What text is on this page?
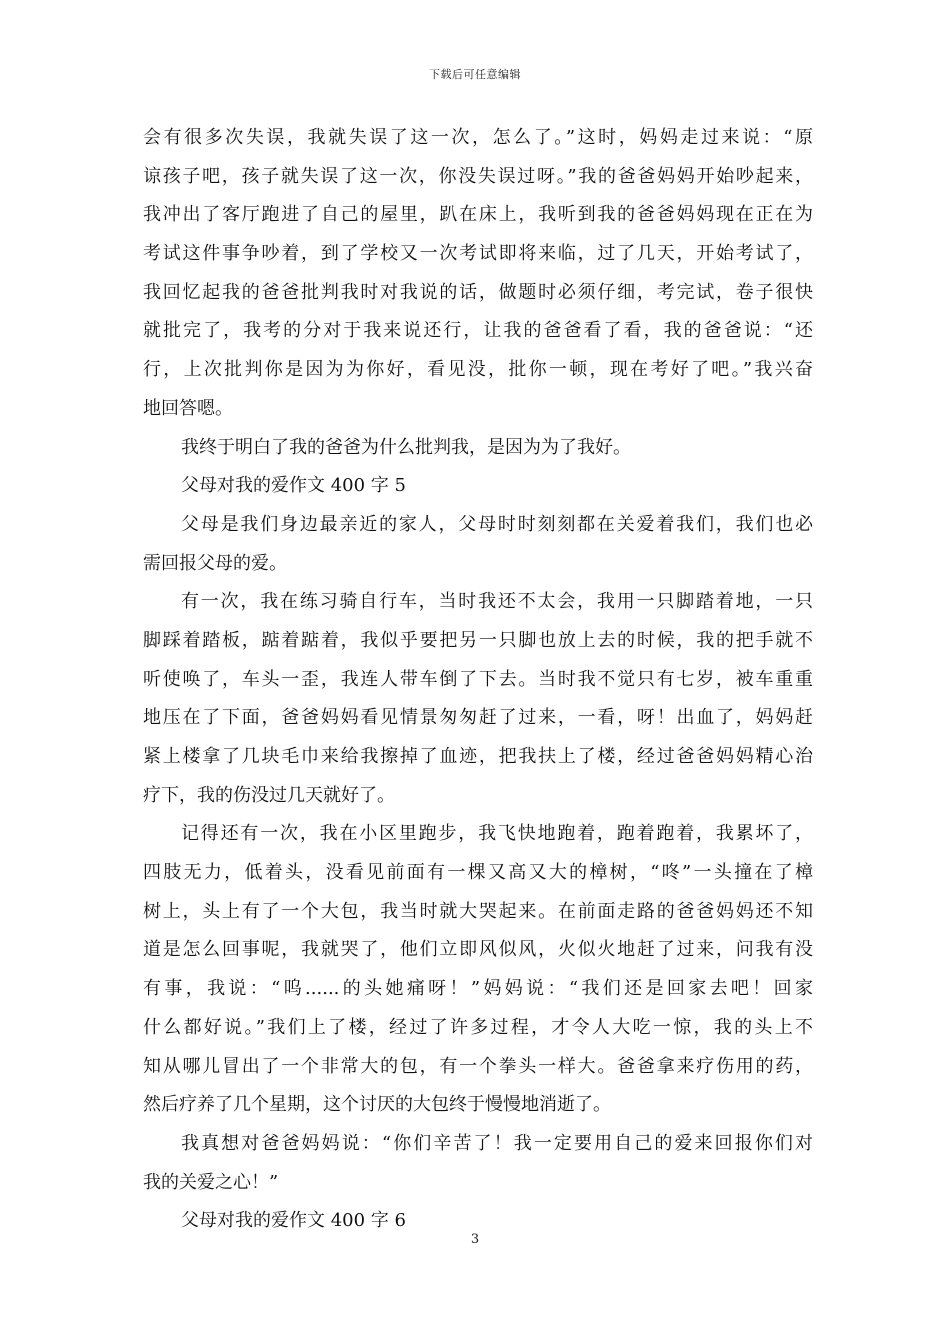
下载后可任意编辑
会有很多次失误，我就失误了这一次，怎么了。”这时，妈妈走过来说：“原
谅孩子吧，孩子就失误了这一次，你没失误过呀。”我的爸爸妈妈开始吵起来，
我冲出了客厅跑进了自己的屋里，趴在床上，我听到我的爸爸妈妈现在正在为
考试这件事争吵着，到了学校又一次考试即将来临，过了几天，开始考试了，
我回忆起我的爸爸批判我时对我说的话，做题时必须仔细，考完试，卷子很快
就批完了，我考的分对于我来说还行，让我的爸爸看了看，我的爸爸说：“还
行，上次批判你是因为为你好，看见没，批你一顿，现在考好了吧。”我兴奋
地回答嗯。
我终于明白了我的爸爸为什么批判我，是因为为了我好。
父母对我的爱作文 400 字 5
父母是我们身边最亲近的家人，父母时时刻刻都在关爱着我们，我们也必
需回报父母的爱。
有一次，我在练习骑自行车，当时我还不太会，我用一只脚踏着地，一只
脚踩着踏板，踮着踮着，我似乎要把另一只脚也放上去的时候，我的把手就不
听使唤了，车头一歪，我连人带车倒了下去。当时我不觉只有七岁，被车重重
地压在了下面，爸爸妈妈看见情景匆匆赶了过来，一看，呀！出血了，妈妈赶
紧上楼拿了几块毛巾来给我擦掉了血迹，把我扶上了楼，经过爸爸妈妈精心治
疗下，我的伤没过几天就好了。
记得还有一次，我在小区里跑步，我飞快地跑着，跑着跑着，我累坏了，
四肢无力，低着头，没看见前面有一棵又高又大的樟树，“咚”一头撞在了樟
树上，头上有了一个大包，我当时就大哭起来。在前面走路的爸爸妈妈还不知
道是怎么回事呢，我就哭了，他们立即风似风，火似火地赶了过来，问我有没
有事，我说：“呜......的头她痛呀！”妈妈说：“我们还是回家去吧！回家
什么都好说。”我们上了楼，经过了许多过程，才令人大吃一惊，我的头上不
知从哪儿冒出了一个非常大的包，有一个拳头一样大。爸爸拿来疗伤用的药，
然后疗养了几个星期，这个讨厌的大包终于慢慢地消逝了。
我真想对爸爸妈妈说：“你们辛苦了！我一定要用自己的爱来回报你们对
我的关爱之心！”
父母对我的爱作文 400 字 6
3
